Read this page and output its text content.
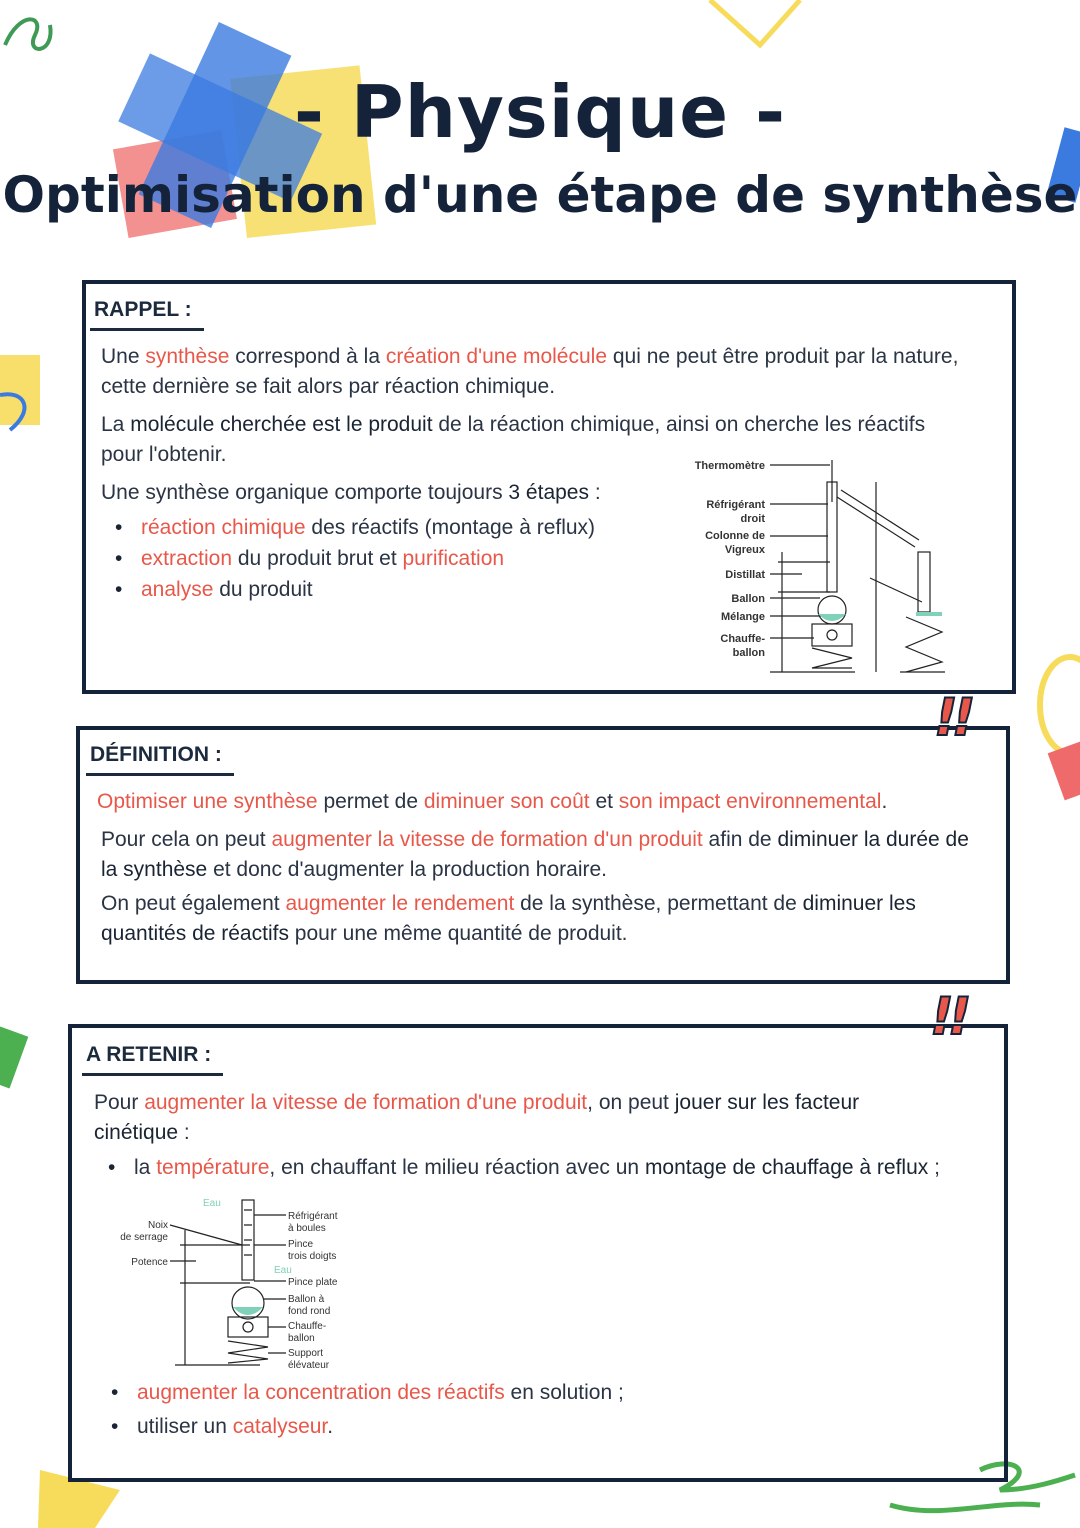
- Physique -
Optimisation d'une étape de synthèse
RAPPEL :
Une synthèse correspond à la création d'une molécule qui ne peut être produit par la nature, cette dernière se fait alors par réaction chimique.
La molécule cherchée est le produit de la réaction chimique, ainsi on cherche les réactifs pour l'obtenir.
Une synthèse organique comporte toujours 3 étapes :
• réaction chimique des réactifs (montage à reflux)
• extraction du produit brut et purification
• analyse du produit
Thermomètre
Réfrigérant
droit
Colonne de
Vigreux
Distillat
Ballon
Mélange
Chauffe-
ballon
!!
DÉFINITION :
Optimiser une synthèse permet de diminuer son coût et son impact environnemental.
Pour cela on peut augmenter la vitesse de formation d'un produit afin de diminuer la durée de la synthèse et donc d'augmenter la production horaire.
On peut également augmenter le rendement de la synthèse, permettant de diminuer les quantités de réactifs pour une même quantité de produit.
!!
A RETENIR :
Pour augmenter la vitesse de formation d'une produit, on peut jouer sur les facteur cinétique :
• la température, en chauffant le milieu réaction avec un montage de chauffage à reflux ;
Eau
Noix
de serrage
Potence
Eau
Réfrigérant
à boules
Pince
trois doigts
Pince plate
Ballon à
fond rond
Chauffe-
ballon
Support
élévateur
• augmenter la concentration des réactifs en solution ;
• utiliser un catalyseur.
